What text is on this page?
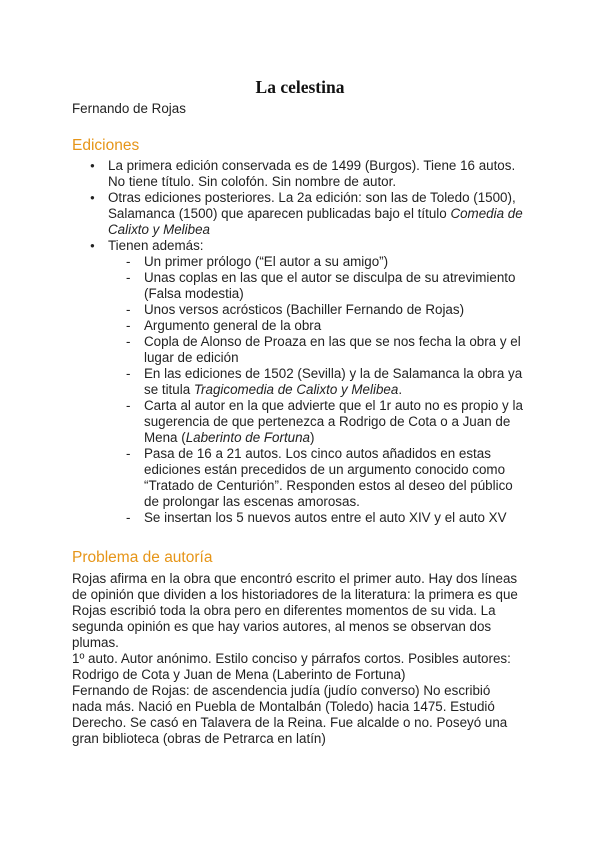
La celestina

Fernando de Rojas

Ediciones
● La primera edición conservada es de 1499 (Burgos). Tiene 16 autos. No tiene título. Sin colofón. Sin nombre de autor.
● Otras ediciones posteriores. La 2a edición: son las de Toledo (1500), Salamanca (1500) que aparecen publicadas bajo el título Comedia de Calixto y Melibea
● Tienen además:
- Un primer prólogo (“El autor a su amigo”)
- Unas coplas en las que el autor se disculpa de su atrevimiento (Falsa modestia)
- Unos versos acrósticos (Bachiller Fernando de Rojas)
- Argumento general de la obra
- Copla de Alonso de Proaza en las que se nos fecha la obra y el lugar de edición
- En las ediciones de 1502 (Sevilla) y la de Salamanca la obra ya se titula Tragicomedia de Calixto y Melibea.
- Carta al autor en la que advierte que el 1r auto no es propio y la sugerencia de que pertenezca a Rodrigo de Cota o a Juan de Mena (Laberinto de Fortuna)
- Pasa de 16 a 21 autos. Los cinco autos añadidos en estas ediciones están precedidos de un argumento conocido como “Tratado de Centurión”. Responden estos al deseo del público de prolongar las escenas amorosas.
- Se insertan los 5 nuevos autos entre el auto XIV y el auto XV
Problema de autoría

Rojas afirma en la obra que encontró escrito el primer auto. Hay dos líneas de opinión que dividen a los historiadores de la literatura: la primera es que Rojas escribió toda la obra pero en diferentes momentos de su vida. La segunda opinión es que hay varios autores, al menos se observan dos plumas.

1º auto. Autor anónimo. Estilo conciso y párrafos cortos. Posibles autores: Rodrigo de Cota y Juan de Mena (Laberinto de Fortuna)

Fernando de Rojas: de ascendencia judía (judío converso) No escribió nada más. Nació en Puebla de Montalbán (Toledo) hacia 1475. Estudió Derecho. Se casó en Talavera de la Reina. Fue alcalde o no. Poseyó una gran biblioteca (obras de Petrarca en latín)
